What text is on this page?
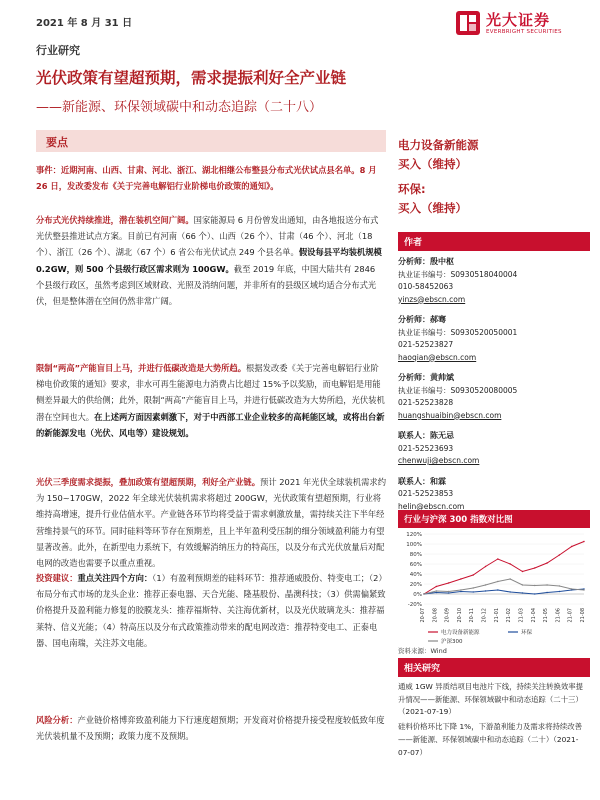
2021 年 8 月 31 日	光大证券
EVERBRIGHT SECURITIES
行业研究
光伏政策有望超预期，需求提振利好全产业链
——新能源、环保领域碳中和动态追踪（二十八）
要点
事件：近期河南、山西、甘肃、河北、浙江、湖北相继公布整县分布式光伏试点县名单。8 月 26 日，发改委发布《关于完善电解铝行业阶梯电价政策的通知》。
分布式光伏持续推进，潜在装机空间广阔。国家能源局 6 月份曾发出通知，由各地报送分布式光伏整县推进试点方案。目前已有河南（66 个）、山西（26 个）、甘肃（46 个）、河北（18 个）、浙江（26 个）、湖北（67 个）6 省公布光伏试点 249 个县名单。假设每县平均装机规模 0.2GW，则 500 个县级行政区需求则为 100GW。截至 2019 年底，中国大陆共有 2846 个县级行政区，虽然考虑到区域财政、光照及消纳问题，并非所有的县级区域均适合分布式光伏，但是整体潜在空间仍然非常广阔。
限制“两高”产能盲目上马，并进行低碳改造是大势所趋。根据发改委《关于完善电解铝行业阶梯电价政策的通知》要求，非水可再生能源电力消费占比超过 15%予以奖励，而电解铝是用能侧差异最大的供给侧；此外，限制“两高”产能盲目上马，并进行低碳改造为大势所趋，光伏装机潜在空间也大。在上述两方面因素刺激下，对于中西部工业企业较多的高耗能区域，或将出台新的新能源发电（光伏、风电等）建设规划。
光伏三季度需求提振，叠加政策有望超预期，利好全产业链。预计 2021 年光伏全球装机需求约为 150~170GW，2022 年全球光伏装机需求将超过 200GW，光伏政策有望超预期，行业将维持高增速，提升行业估值水平。产业链各环节均将受益于需求刺激放量，需持续关注下半年经营维持景气的环节。同时硅料等环节存在预期差，且上半年盈利受压制的细分领域盈利能力有望显著改善。此外，在新型电力系统下，有效缓解消纳压力的特高压，以及分布式光伏放量后对配电网的改造也需要予以重点重视。
投资建议：重点关注四个方向：（1）有盈利预期差的硅料环节：推荐通威股份、特变电工；（2）布局分布式市场的龙头企业：推荐正泰电器、天合光能、隆基股份、晶澳科技；（3）供需偏紧致价格提升及盈利能力修复的胶膜龙头：推荐福斯特、关注海优新材，以及光伏玻璃龙头：推荐福莱特、信义光能；（4）特高压以及分布式政策推动带来的配电网改造：推荐特变电工、正泰电器、国电南瑞，关注苏文电能。
风险分析：产业链价格博弈致盈利能力下行速度超预期；开发商对价格提升接受程度较低致年度光伏装机量不及预期；政策力度不及预期。
电力设备新能源
买入（维持）
环保:
买入（维持）
作者
分析师：殷中枢
执业证书编号：S0930518040004
010-58452063
yinzs@ebscn.com
分析师：郝骞
执业证书编号：S0930520050001
021-52523827
haoqian@ebscn.com
分析师：黄帅斌
执业证书编号：S0930520080005
021-52523828
huangshuaibin@ebscn.com
联系人：陈无忌
021-52523693
chenwuji@ebscn.com
联系人：和霖
021-52523853
helin@ebscn.com
行业与沪深 300 指数对比图
120%
100%
80%
60%
40%
20%
0%
-20%
20-07 20-08 20-09 20-10 20-11 20-12 21-01 21-02 21-03 21-04 21-05 21-06 21-07 21-08
电力设备新能源	环保
沪深300
资料来源：Wind
相关研究
通威 1GW 异质结项目电池片下线，持续关注转换效率提升情况——新能源、环保领域碳中和动态追踪（二十三）（2021-07-19）
硅料价格环比下降 1%，下游盈利能力及需求将持续改善——新能源、环保领域碳中和动态追踪（二十）（2021-07-07）
